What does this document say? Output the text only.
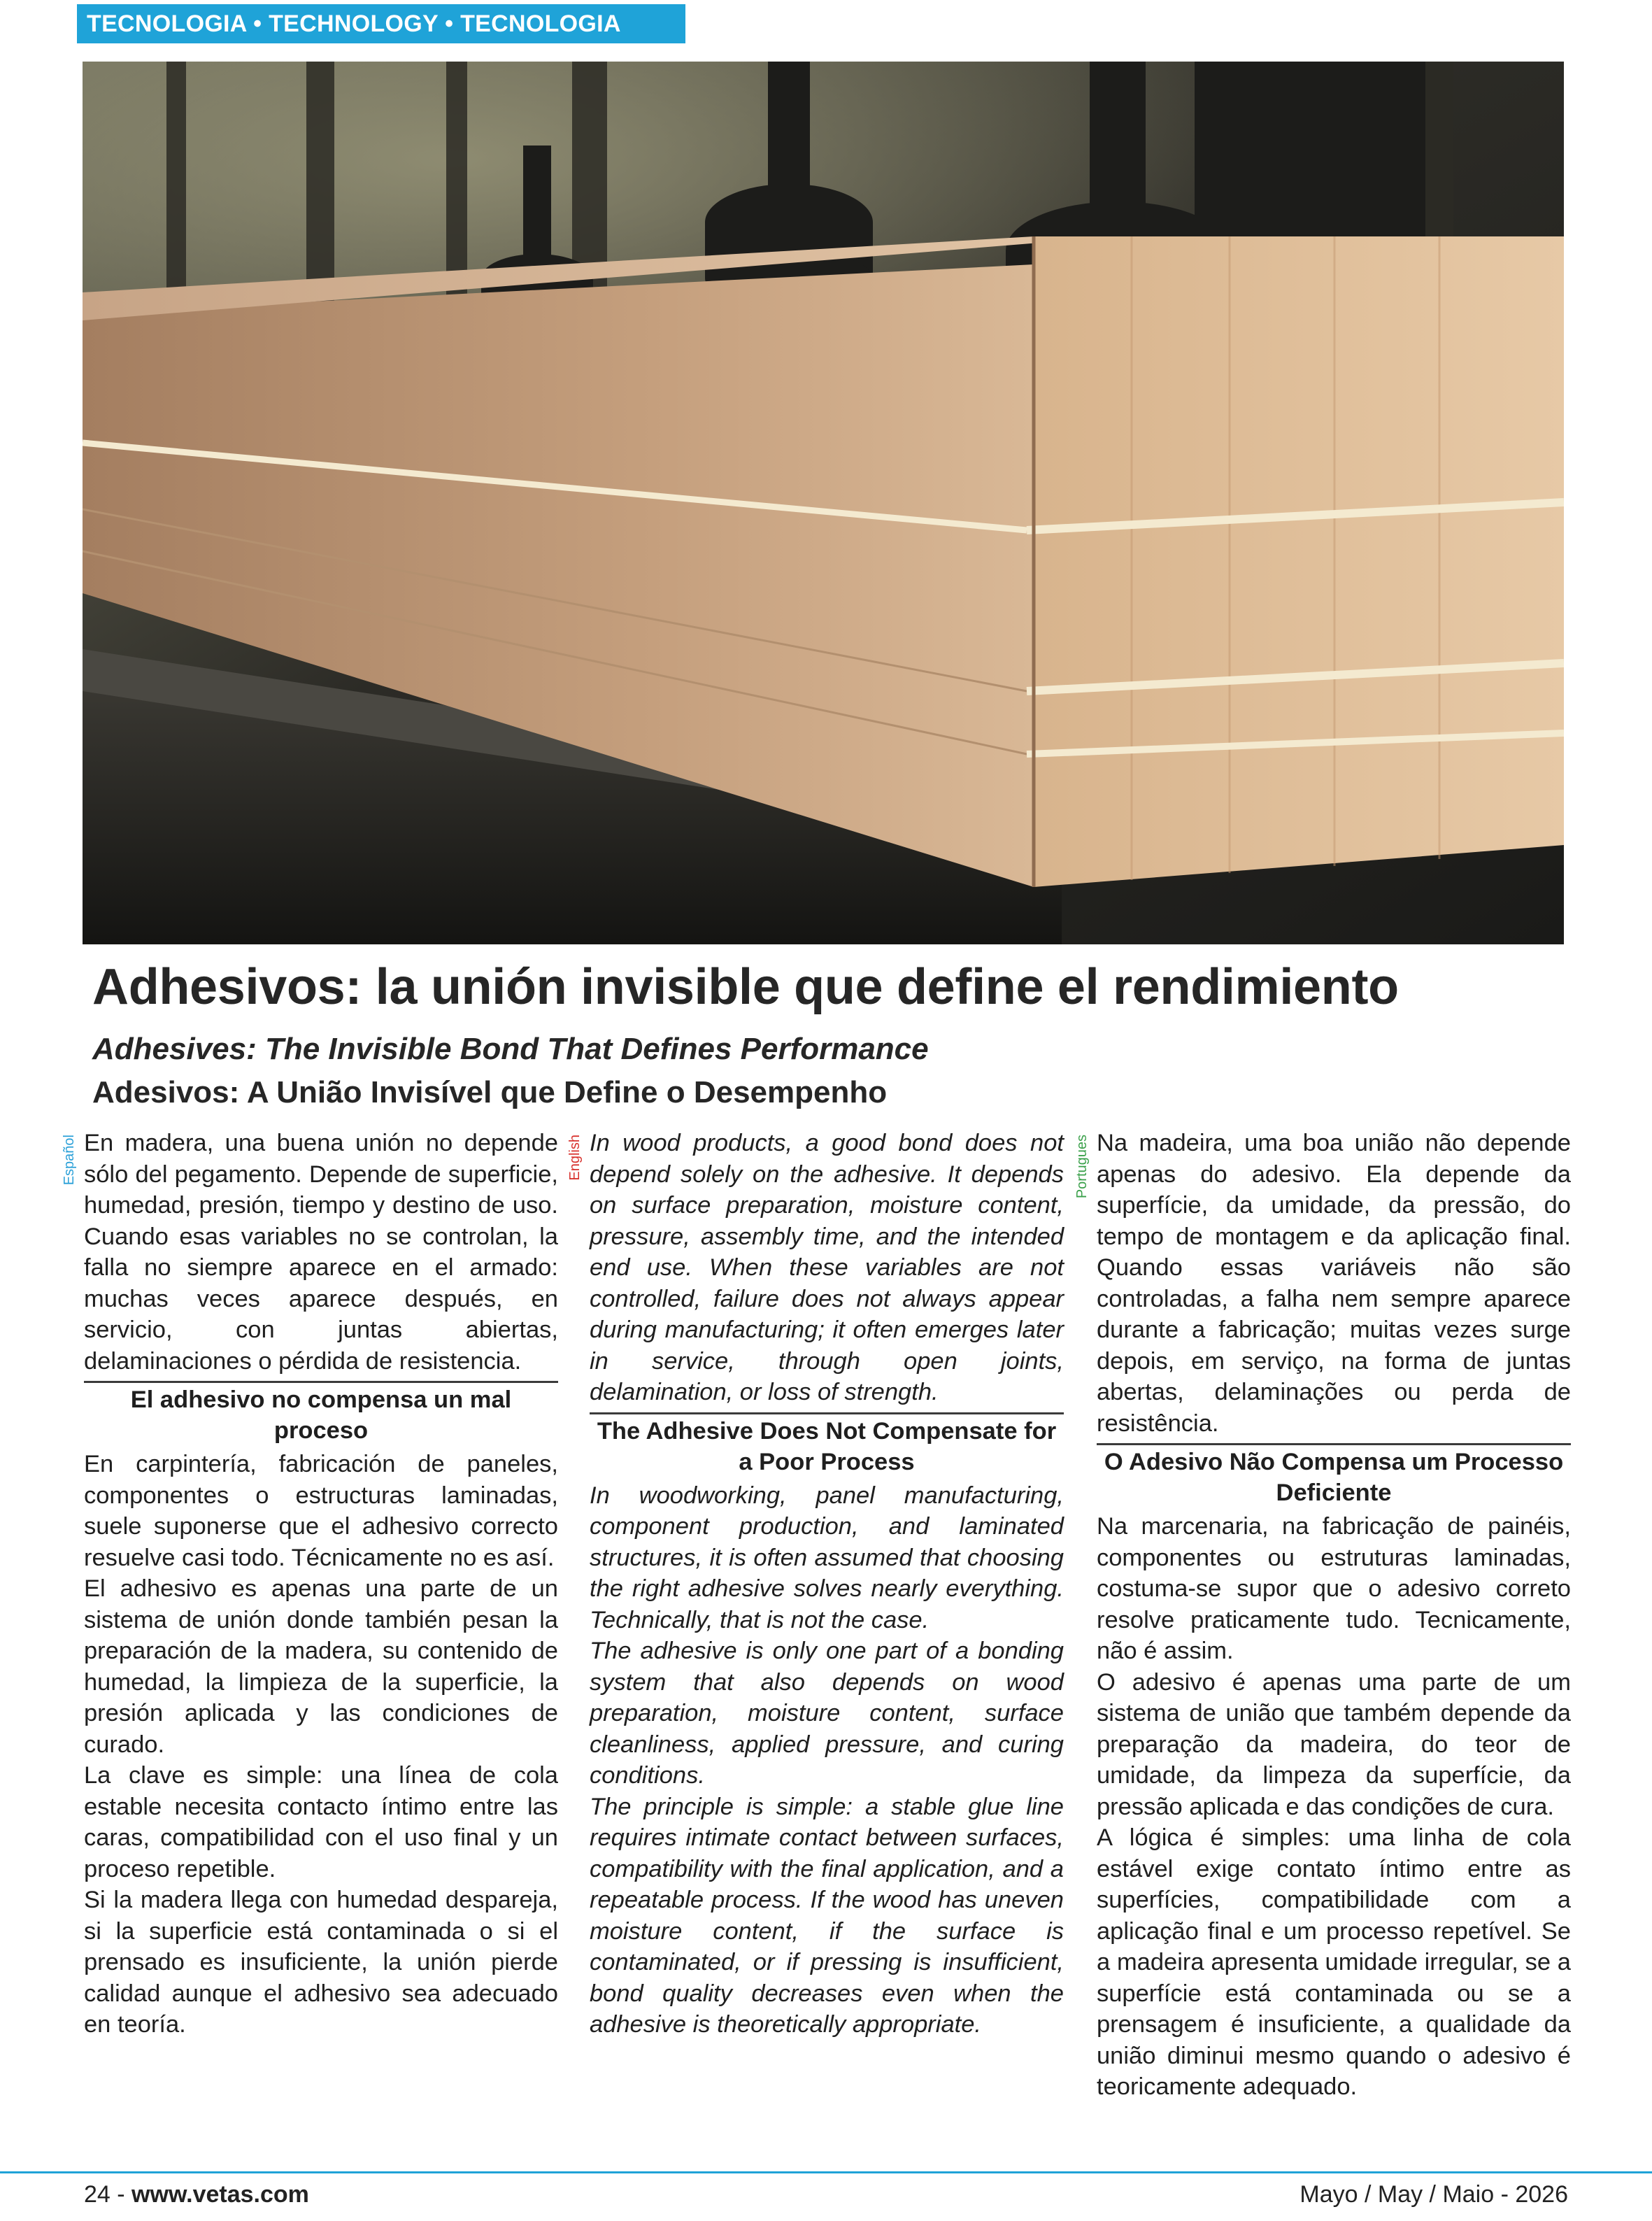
TECNOLOGIA • TECHNOLOGY • TECNOLOGIA
Adhesivos: la unión invisible que define el rendimiento
Adhesives: The Invisible Bond That Defines Performance
Adesivos: A União Invisível que Define o Desempenho
Español	English	Portugues

En madera, una buena unión no depende sólo del pegamento. Depende de superficie, humedad, presión, tiempo y destino de uso. Cuando esas variables no se controlan, la falla no siempre aparece en el armado: muchas veces aparece después, en servicio, con juntas abiertas, delaminaciones o pérdida de resistencia.

El adhesivo no compensa un mal proceso

En carpintería, fabricación de paneles, componentes o estructuras laminadas, suele suponerse que el adhesivo correcto resuelve casi todo. Técnicamente no es así.

El adhesivo es apenas una parte de un sistema de unión donde también pesan la preparación de la madera, su contenido de humedad, la limpieza de la superficie, la presión aplicada y las condiciones de curado.

La clave es simple: una línea de cola estable necesita contacto íntimo entre las caras, compatibilidad con el uso final y un proceso repetible.

Si la madera llega con humedad despareja, si la superficie está contaminada o si el prensado es insuficiente, la unión pierde calidad aunque el adhesivo sea adecuado en teoría.

In wood products, a good bond does not depend solely on the adhesive. It depends on surface preparation, moisture content, pressure, assembly time, and the intended end use. When these variables are not controlled, failure does not always appear during manufacturing; it often emerges later in service, through open joints, delamination, or loss of strength.

The Adhesive Does Not Compensate for a Poor Process

In woodworking, panel manufacturing, component production, and laminated structures, it is often assumed that choosing the right adhesive solves nearly everything. Technically, that is not the case.

The adhesive is only one part of a bonding system that also depends on wood preparation, moisture content, surface cleanliness, applied pressure, and curing conditions.

The principle is simple: a stable glue line requires intimate contact between surfaces, compatibility with the final application, and a repeatable process. If the wood has uneven moisture content, if the surface is contaminated, or if pressing is insufficient, bond quality decreases even when the adhesive is theoretically appropriate.

Na madeira, uma boa união não depende apenas do adesivo. Ela depende da superfície, da umidade, da pressão, do tempo de montagem e da aplicação final. Quando essas variáveis não são controladas, a falha nem sempre aparece durante a fabricação; muitas vezes surge depois, em serviço, na forma de juntas abertas, delaminações ou perda de resistência.

O Adesivo Não Compensa um Processo Deficiente

Na marcenaria, na fabricação de painéis, componentes ou estruturas laminadas, costuma-se supor que o adesivo correto resolve praticamente tudo. Tecnicamente, não é assim.

O adesivo é apenas uma parte de um sistema de união que também depende da preparação da madeira, do teor de umidade, da limpeza da superfície, da pressão aplicada e das condições de cura.

A lógica é simples: uma linha de cola estável exige contato íntimo entre as superfícies, compatibilidade com a aplicação final e um processo repetível. Se a madeira apresenta umidade irregular, se a superfície está contaminada ou se a prensagem é insuficiente, a qualidade da união diminui mesmo quando o adesivo é teoricamente adequado.

24 - www.vetas.com	Mayo / May / Maio - 2026
